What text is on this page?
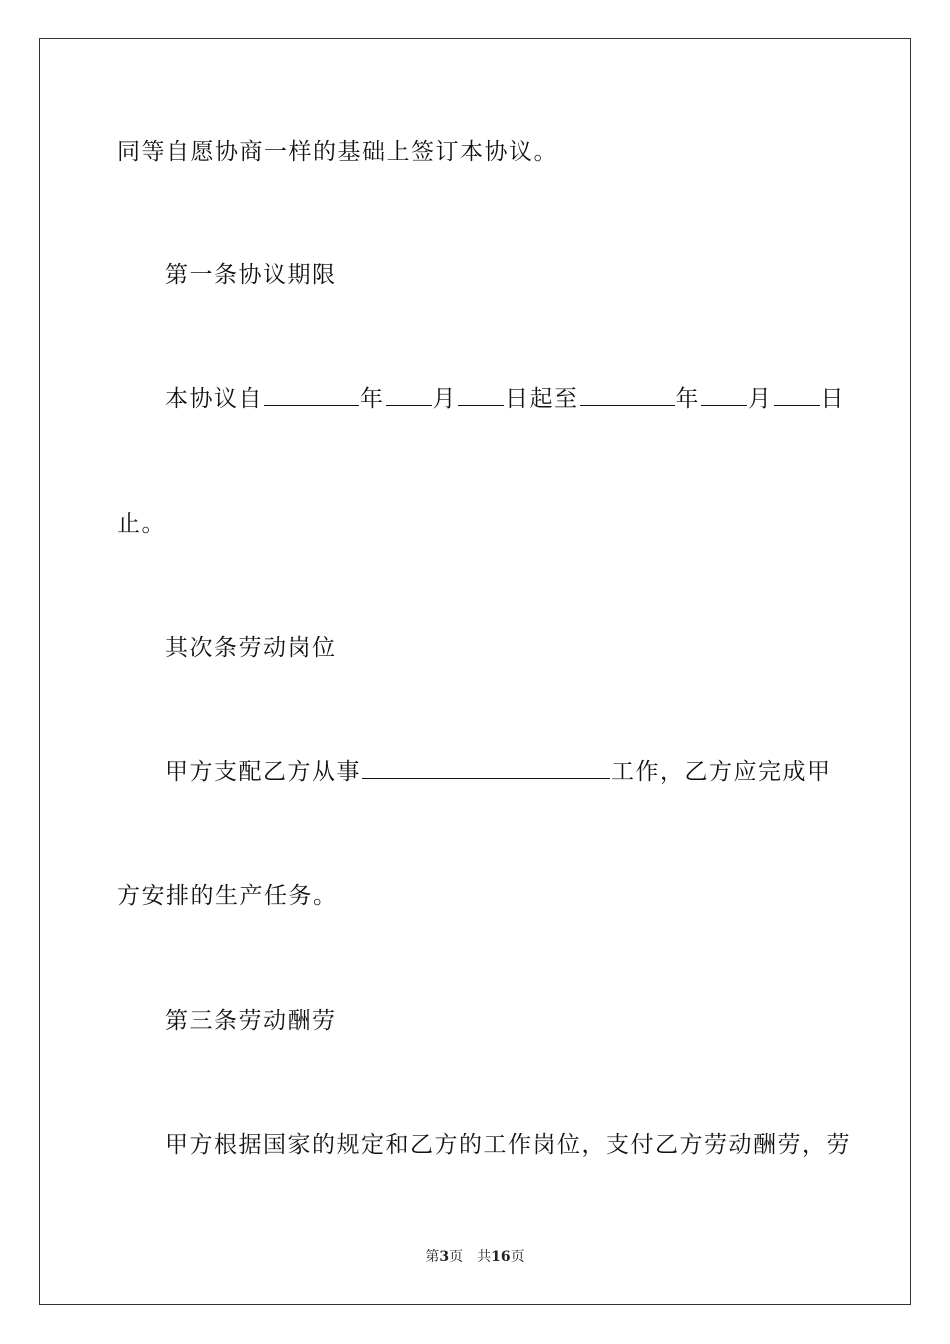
同等自愿协商一样的基础上签订本协议。
第一条协议期限
本协议自	年 月 日起至	年 月 日
止。
其次条劳动岗位
甲方支配乙方从事	工作，乙方应完成甲
方安排的生产任务。
第三条劳动酬劳
甲方根据国家的规定和乙方的工作岗位，支付乙方劳动酬劳，劳
第3页 共16页
